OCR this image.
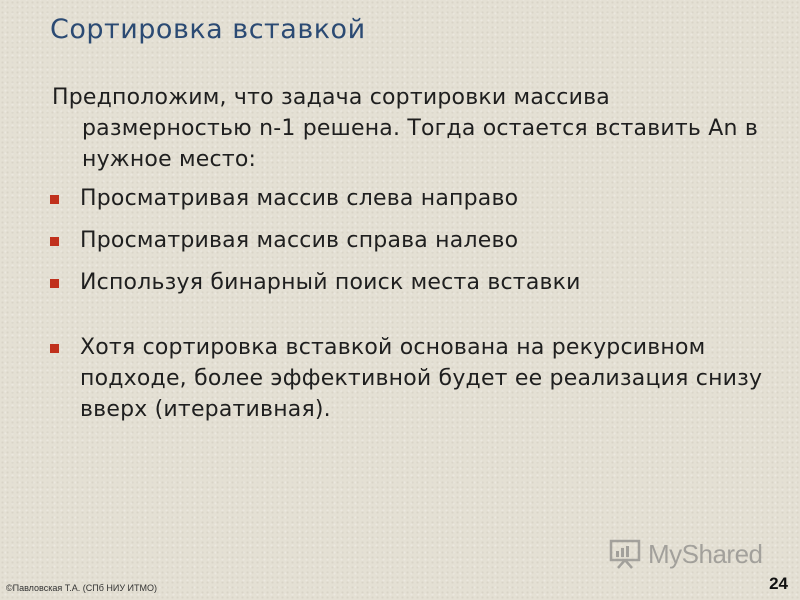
Сортировка вставкой
Предположим, что задача сортировки массива размерностью n-1 решена. Тогда остается вставить An в нужное место:
Просматривая массив слева направо
Просматривая массив справа налево
Используя бинарный поиск места вставки
Хотя сортировка вставкой основана на рекурсивном подходе, более эффективной будет ее реализация снизу вверх (итеративная).
MyShared
©Павловская Т.А. (СПб НИУ ИТМО)	24
